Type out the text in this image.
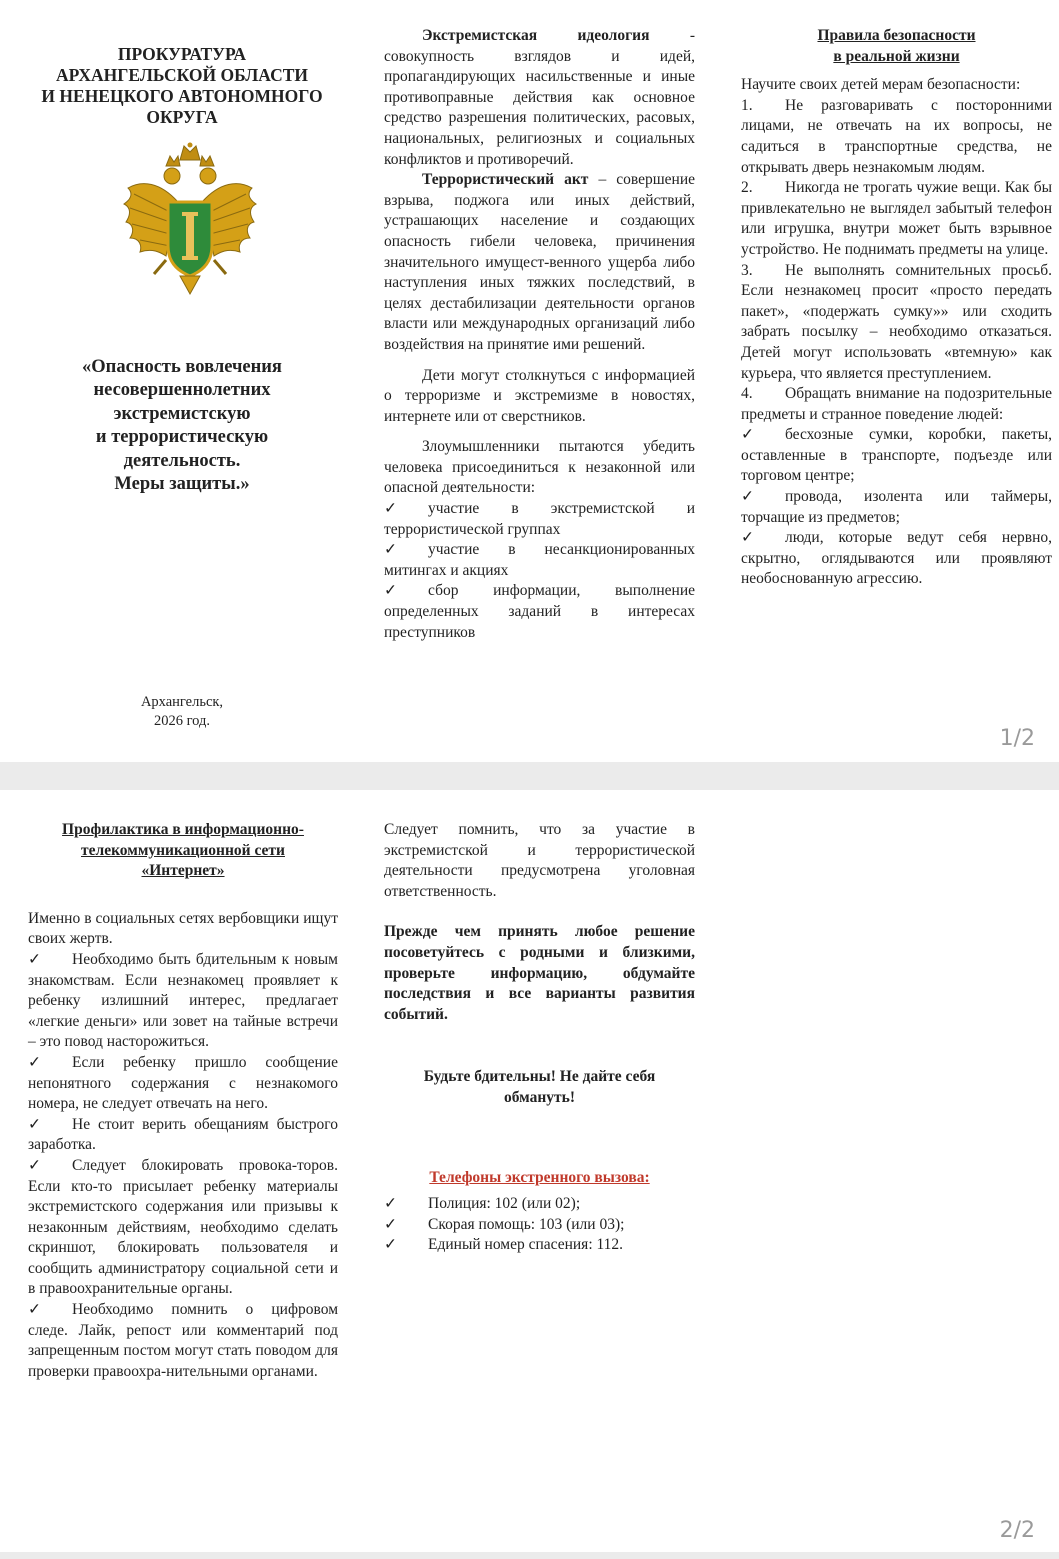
ПРОКУРАТУРА
АРХАНГЕЛЬСКОЙ ОБЛАСТИ
И НЕНЕЦКОГО АВТОНОМНОГО
ОКРУГА
«Опасность вовлечения
несовершеннолетних
экстремистскую
и террористическую
деятельность.
Меры защиты.»
Архангельск,
2026 год.

Экстремистская идеология - совокупность взглядов и идей, пропагандирующих насильственные и иные противоправные действия как основное средство разрешения политических, расовых, национальных, религиозных и социальных конфликтов и противоречий.

Террористический акт – совершение взрыва, поджога или иных действий, устрашающих население и создающих опасность гибели человека, причинения значительного имущест-венного ущерба либо наступления иных тяжких последствий, в целях дестабилизации деятельности органов власти или международных организаций либо воздействия на принятие ими решений.

Дети могут столкнуться с информацией о терроризме и экстремизме в новостях, интернете или от сверстников.

Злоумышленники пытаются убедить человека присоединиться к незаконной или опасной деятельности:

✓ участие в экстремистской и террористической группах

✓ участие в несанкционированных митингах и акциях

✓ сбор информации, выполнение определенных заданий в интересах преступников

Правила безопасности
в реальной жизни

Научите своих детей мерам безопасности:

1. Не разговаривать с посторонними лицами, не отвечать на их вопросы, не садиться в транспортные средства, не открывать дверь незнакомым людям.

2. Никогда не трогать чужие вещи. Как бы привлекательно не выглядел забытый телефон или игрушка, внутри может быть взрывное устройство. Не поднимать предметы на улице.

3. Не выполнять сомнительных просьб. Если незнакомец просит «просто передать пакет», «подержать сумку»» или сходить забрать посылку – необходимо отказаться. Детей могут использовать «втемную» как курьера, что является преступлением.

4. Обращать внимание на подозрительные предметы и странное поведение людей:

✓ бесхозные сумки, коробки, пакеты, оставленные в транспорте, подъезде или торговом центре;

✓ провода, изолента или таймеры, торчащие из предметов;

✓ люди, которые ведут себя нервно, скрытно, оглядываются или проявляют необоснованную агрессию.

1/2
Профилактика в информационно-
телекоммуникационной сети
«Интернет»

Именно в социальных сетях вербовщики ищут своих жертв.

✓ Необходимо быть бдительным к новым знакомствам. Если незнакомец проявляет к ребенку излишний интерес, предлагает «легкие деньги» или зовет на тайные встречи – это повод насторожиться.

✓ Если ребенку пришло сообщение непонятного содержания с незнакомого номера, не следует отвечать на него.

✓ Не стоит верить обещаниям быстрого заработка.

✓ Следует блокировать провока-торов. Если кто-то присылает ребенку материалы экстремистского содержания или призывы к незаконным действиям, необходимо сделать скриншот, блокировать пользователя и сообщить администратору социальной сети и в правоохранительные органы.

✓ Необходимо помнить о цифровом следе. Лайк, репост или комментарий под запрещенным постом могут стать поводом для проверки правоохра-нительными органами.

Следует помнить, что за участие в экстремистской и террористической деятельности предусмотрена уголовная ответственность.

Прежде чем принять любое решение посоветуйтесь с родными и близкими, проверьте информацию, обдумайте последствия и все варианты развития событий.

Будьте бдительны! Не дайте себя
обмануть!
Телефоны экстренного вызова:

✓ Полиция: 102 (или 02);

✓ Скорая помощь: 103 (или 03);

✓ Единый номер спасения: 112.

2/2
